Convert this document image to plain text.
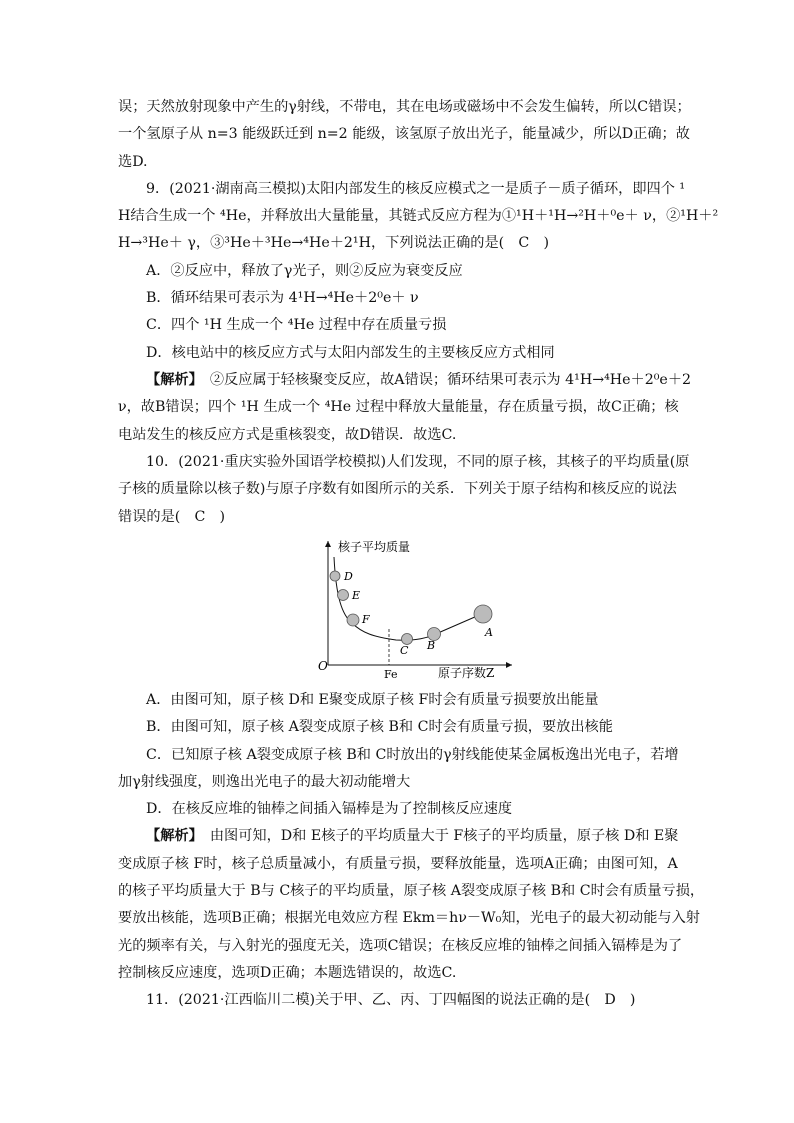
误；天然放射现象中产生的γ射线，不带电，其在电场或磁场中不会发生偏转，所以C错误；
一个氢原子从 n=3 能级跃迁到 n=2 能级，该氢原子放出光子，能量减少，所以D正确；故
选D.
9．(2021·湖南高三模拟)太阳内部发生的核反应模式之一是质子－质子循环，即四个 ¹
H结合生成一个 ⁴He，并释放出大量能量，其链式反应方程为①¹H＋¹H→²H＋⁰e＋ ν，②¹H＋²
H→³He＋ γ，③³He＋³He→⁴He＋2¹H，下列说法正确的是(　C　)
A．②反应中，释放了γ光子，则②反应为衰变反应
B．循环结果可表示为 4¹H→⁴He＋2⁰e＋ ν
C．四个 ¹H 生成一个 ⁴He 过程中存在质量亏损
D．核电站中的核反应方式与太阳内部发生的主要核反应方式相同
【解析】　②反应属于轻核聚变反应，故A错误；循环结果可表示为 4¹H→⁴He＋2⁰e＋2
ν，故B错误；四个 ¹H 生成一个 ⁴He 过程中释放大量能量，存在质量亏损，故C正确；核
电站发生的核反应方式是重核裂变，故D错误．故选C.
10．(2021·重庆实验外国语学校模拟)人们发现，不同的原子核，其核子的平均质量(原
子核的质量除以核子数)与原子序数有如图所示的关系．下列关于原子结构和核反应的说法
错误的是(　C　)
核子平均质量
原子序数Z
O
Fe
D
E
F
C B
A
A．由图可知，原子核 D和 E聚变成原子核 F时会有质量亏损要放出能量
B．由图可知，原子核 A裂变成原子核 B和 C时会有质量亏损，要放出核能
C．已知原子核 A裂变成原子核 B和 C时放出的γ射线能使某金属板逸出光电子，若增
加γ射线强度，则逸出光电子的最大初动能增大
D．在核反应堆的铀棒之间插入镉棒是为了控制核反应速度
【解析】　由图可知，D和 E核子的平均质量大于 F核子的平均质量，原子核 D和 E聚
变成原子核 F时，核子总质量减小，有质量亏损，要释放能量，选项A正确；由图可知，A
的核子平均质量大于 B与 C核子的平均质量，原子核 A裂变成原子核 B和 C时会有质量亏损，
要放出核能，选项B正确；根据光电效应方程 Ekm＝hν－W₀知，光电子的最大初动能与入射
光的频率有关，与入射光的强度无关，选项C错误；在核反应堆的铀棒之间插入镉棒是为了
控制核反应速度，选项D正确；本题选错误的，故选C.
11．(2021·江西临川二模)关于甲、乙、丙、丁四幅图的说法正确的是(　D　)
